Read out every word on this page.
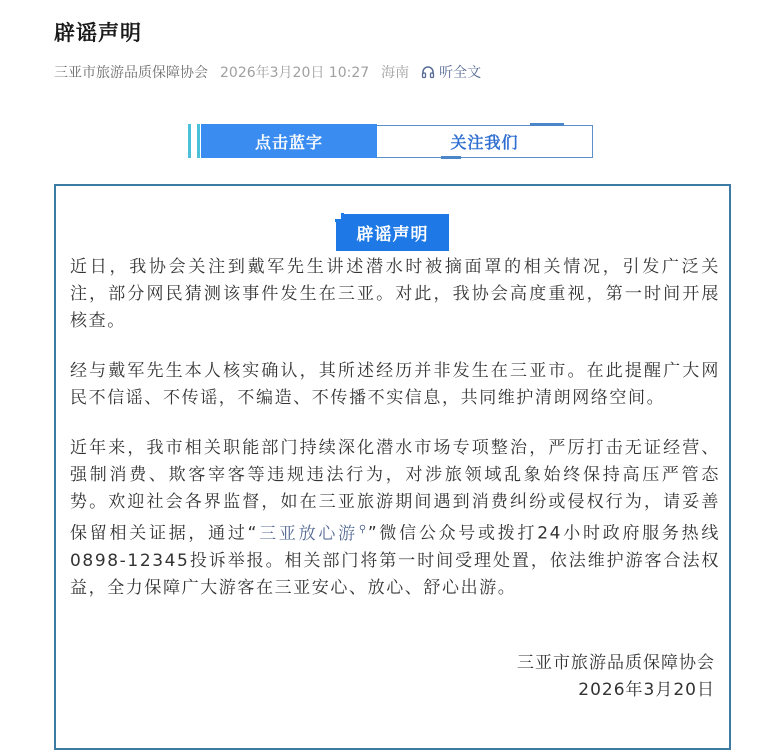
辟谣声明
三亚市旅游品质保障协会 2026年3月20日 10:27 海南 听全文
点击蓝字	关注我们
辟谣声明

近日，我协会关注到戴军先生讲述潜水时被摘面罩的相关情况，引发广泛关注，部分网民猜测该事件发生在三亚。对此，我协会高度重视，第一时间开展核查。

经与戴军先生本人核实确认，其所述经历并非发生在三亚市。在此提醒广大网民不信谣、不传谣，不编造、不传播不实信息，共同维护清朗网络空间。

近年来，我市相关职能部门持续深化潜水市场专项整治，严厉打击无证经营、强制消费、欺客宰客等违规违法行为，对涉旅领域乱象始终保持高压严管态势。欢迎社会各界监督，如在三亚旅游期间遇到消费纠纷或侵权行为，请妥善保留相关证据，通过“三亚放心游⚲”微信公众号或拨打24小时政府服务热线0898-12345投诉举报。相关部门将第一时间受理处置，依法维护游客合法权益，全力保障广大游客在三亚安心、放心、舒心出游。

三亚市旅游品质保障协会
2026年3月20日
